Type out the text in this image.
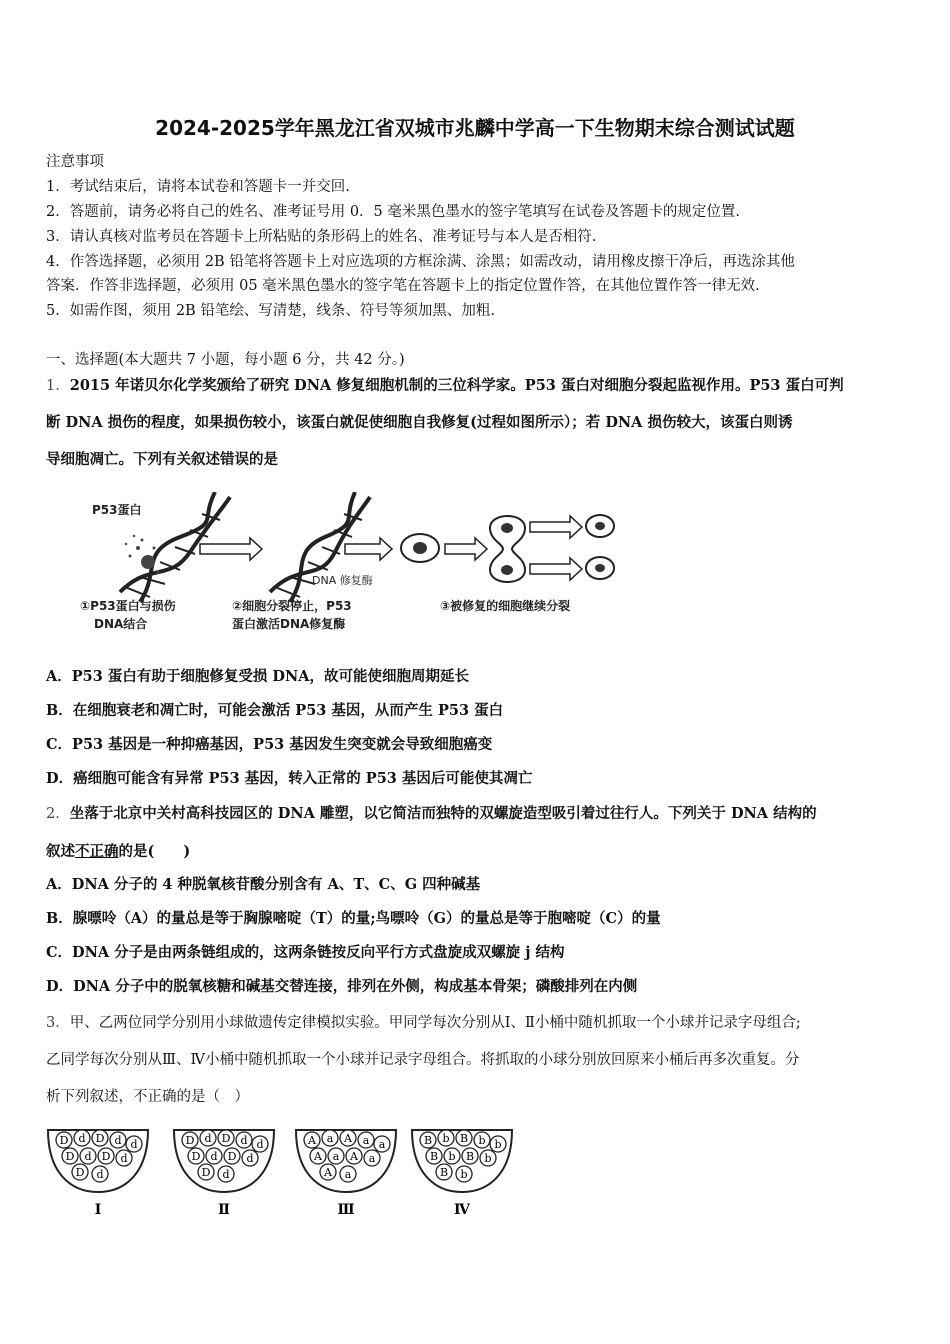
2024-2025学年黑龙江省双城市兆麟中学高一下生物期末综合测试试题
注意事项
1．考试结束后，请将本试卷和答题卡一并交回.
2．答题前，请务必将自己的姓名、准考证号用 0．5 毫米黑色墨水的签字笔填写在试卷及答题卡的规定位置.
3．请认真核对监考员在答题卡上所粘贴的条形码上的姓名、准考证号与本人是否相符.
4．作答选择题，必须用 2B 铅笔将答题卡上对应选项的方框涂满、涂黑；如需改动，请用橡皮擦干净后，再选涂其他
答案．作答非选择题，必须用 05 毫米黑色墨水的签字笔在答题卡上的指定位置作答，在其他位置作答一律无效.
5．如需作图，须用 2B 铅笔绘、写清楚，线条、符号等须加黑、加粗.
一、选择题(本大题共 7 小题，每小题 6 分，共 42 分。)
1．2015 年诺贝尔化学奖颁给了研究 DNA 修复细胞机制的三位科学家。P53 蛋白对细胞分裂起监视作用。P53 蛋白可判
断 DNA 损伤的程度，如果损伤较小，该蛋白就促使细胞自我修复(过程如图所示）；若 DNA 损伤较大，该蛋白则诱
导细胞凋亡。下列有关叙述错误的是
P53蛋白
DNA 修复酶
①P53蛋白与损伤
DNA结合
②细胞分裂停止，P53
蛋白激活DNA修复酶
③被修复的细胞继续分裂
A．P53 蛋白有助于细胞修复受损 DNA，故可能使细胞周期延长
B．在细胞衰老和凋亡时，可能会激活 P53 基因，从而产生 P53 蛋白
C．P53 基因是一种抑癌基因，P53 基因发生突变就会导致细胞癌变
D．癌细胞可能含有异常 P53 基因，转入正常的 P53 基因后可能使其凋亡
2．坐落于北京中关村高科技园区的 DNA 雕塑，以它简洁而独特的双螺旋造型吸引着过往行人。下列关于 DNA 结构的
叙述不正确的是(　　)
A．DNA 分子的 4 种脱氧核苷酸分别含有 A、T、C、G 四种碱基
B．腺嘌呤（A）的量总是等于胸腺嘧啶（T）的量;鸟嘌呤（G）的量总是等于胞嘧啶（C）的量
C．DNA 分子是由两条链组成的，这两条链按反向平行方式盘旋成双螺旋 j 结构
D．DNA 分子中的脱氧核糖和碱基交替连接，排列在外侧，构成基本骨架；磷酸排列在内侧
3．甲、乙两位同学分别用小球做遗传定律模拟实验。甲同学每次分别从Ⅰ、Ⅱ小桶中随机抓取一个小球并记录字母组合;
乙同学每次分别从Ⅲ、Ⅳ小桶中随机抓取一个小球并记录字母组合。将抓取的小球分别放回原来小桶后再多次重复。分
析下列叙述，不正确的是（　）
D d D d d
D d D d
D d
Ⅰ
D d D d d
D d D d
D d
Ⅱ
A a A a a
A a A a
A a
Ⅲ
B b B b b
B b B b
B b
Ⅳ
